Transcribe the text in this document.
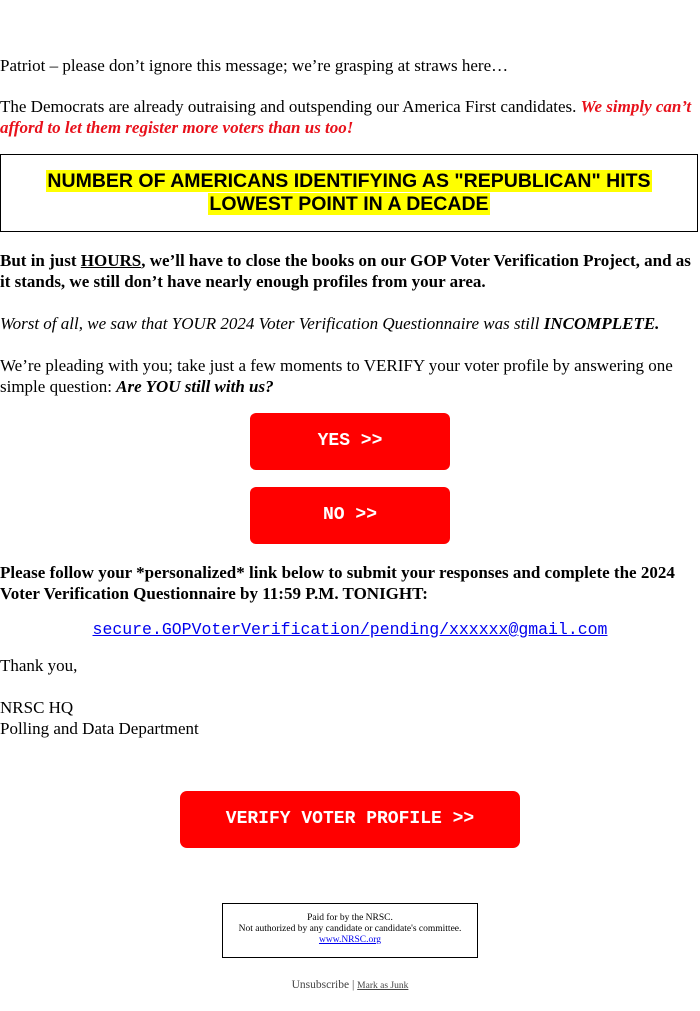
Patriot – please don’t ignore this message; we’re grasping at straws here…

The Democrats are already outraising and outspending our America First candidates. We simply can’t afford to let them register more voters than us too!

NUMBER OF AMERICANS IDENTIFYING AS "REPUBLICAN" HITS
LOWEST POINT IN A DECADE

But in just HOURS, we’ll have to close the books on our GOP Voter Verification Project, and as it stands, we still don’t have nearly enough profiles from your area.

Worst of all, we saw that YOUR 2024 Voter Verification Questionnaire was still INCOMPLETE.

We’re pleading with you; take just a few moments to VERIFY your voter profile by answering one simple question: Are YOU still with us?

YES >>
NO >>

Please follow your *personalized* link below to submit your responses and complete the 2024 Voter Verification Questionnaire by 11:59 P.M. TONIGHT:

secure.GOPVoterVerification/pending/xxxxxx@gmail.com

Thank you,

NRSC HQ

Polling and Data Department

VERIFY VOTER PROFILE >>
Paid for by the NRSC.
Not authorized by any candidate or candidate's committee.
www.NRSC.org
Unsubscribe | Mark as Junk
